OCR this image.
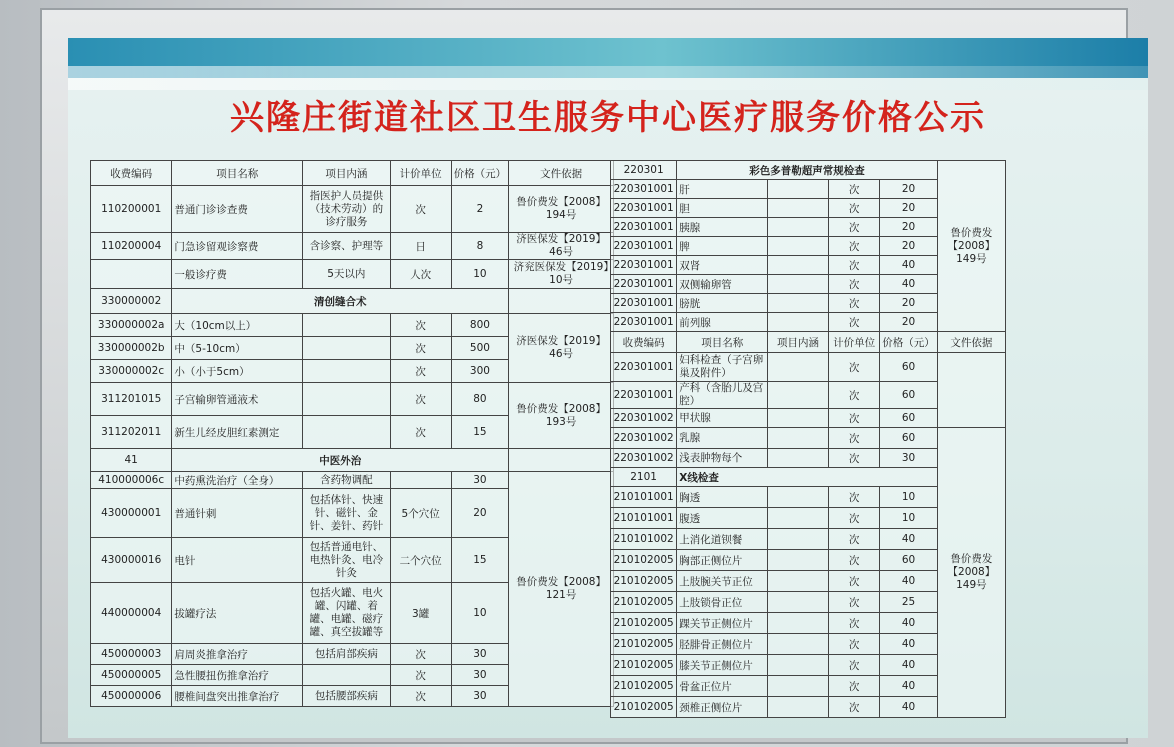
兴隆庄街道社区卫生服务中心医疗服务价格公示
收费编码	项目名称	项目内涵	计价单位	价格（元）	文件依据
110200001	普通门诊诊查费	指医护人员提供（技术劳动）的诊疗服务	次	2	鲁价费发【2008】194号
110200004	门急诊留观诊察费	含诊察、护理等	日	8	济医保发【2019】46号
	一般诊疗费	5天以内	人次	10	济兖医保发【2019】10号
330000002	清创缝合术				
330000002a	大（10cm以上）		次	800	济医保发【2019】46号
330000002b	中（5-10cm）		次	500	
330000002c	小（小于5cm）		次	300	
311201015	子宫输卵管通液术		次	80	鲁价费发【2008】193号
311202011	新生儿经皮胆红素测定		次	15	
41	中医外治				
410000006c	中药熏洗治疗（全身）	含药物调配		30	鲁价费发【2008】121号
430000001	普通针刺	包括体针、快速针、磁针、金针、姜针、药针	5个穴位	20	
430000016	电针	包括普通电针、电热针灸、电冷针灸	二个穴位	15	
440000004	拔罐疗法	包括火罐、电火罐、闪罐、着罐、电罐、磁疗罐、真空拔罐等	3罐	10	
450000003	肩周炎推拿治疗	包括肩部疾病	次	30	
450000005	急性腰扭伤推拿治疗		次	30	
450000006	腰椎间盘突出推拿治疗	包括腰部疾病	次	30	
220301	彩色多普勒超声常规检查				鲁价费发【2008】149号
220301001	肝		次	20	
220301001	胆		次	20	
220301001	胰腺		次	20	
220301001	脾		次	20	
220301001	双肾		次	40	
220301001	双侧输卵管		次	40	
220301001	膀胱		次	20	
220301001	前列腺		次	20	
收费编码	项目名称	项目内涵	计价单位	价格（元）	文件依据
220301001	妇科检查（子宫卵巢及附件）		次	60	
220301001	产科（含胎儿及宫腔）		次	60	
220301002	甲状腺		次	60	
220301002	乳腺		次	60	鲁价费发【2008】149号
220301002	浅表肿物每个		次	30	
2101	X线检查				
210101001	胸透		次	10	
210101001	腹透		次	10	
210101002	上消化道钡餐		次	40	
210102005	胸部正侧位片		次	60	
210102005	上肢腕关节正位		次	40	
210102005	上肢锁骨正位		次	25	
210102005	踝关节正侧位片		次	40	
210102005	胫腓骨正侧位片		次	40	
210102005	膝关节正侧位片		次	40	
210102005	骨盆正位片		次	40	
210102005	颈椎正侧位片		次	40	
